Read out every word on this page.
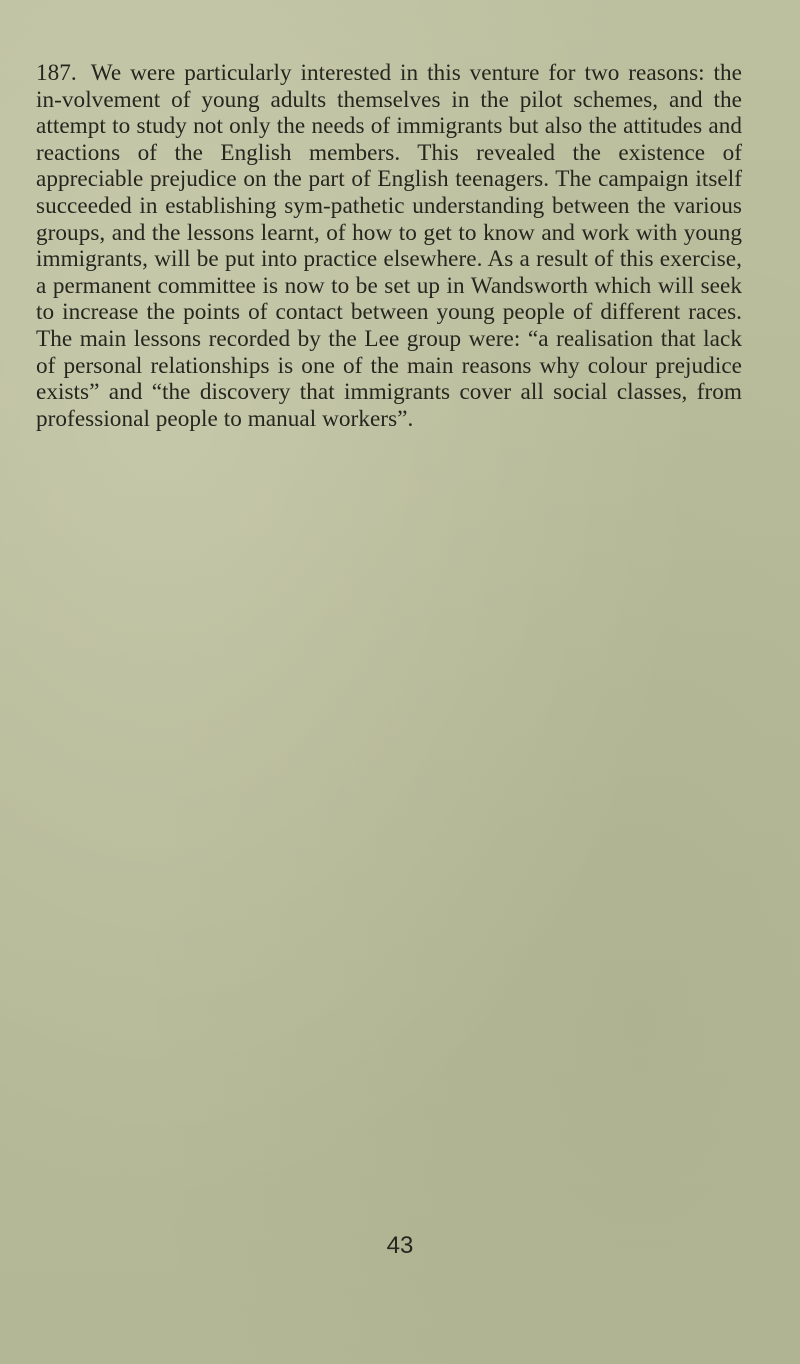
187. We were particularly interested in this venture for two reasons: the in-volvement of young adults themselves in the pilot schemes, and the attempt to study not only the needs of immigrants but also the attitudes and reactions of the English members. This revealed the existence of appreciable prejudice on the part of English teenagers. The campaign itself succeeded in establishing sym-pathetic understanding between the various groups, and the lessons learnt, of how to get to know and work with young immigrants, will be put into practice elsewhere. As a result of this exercise, a permanent committee is now to be set up in Wandsworth which will seek to increase the points of contact between young people of different races. The main lessons recorded by the Lee group were: “a realisation that lack of personal relationships is one of the main reasons why colour prejudice exists” and “the discovery that immigrants cover all social classes, from professional people to manual workers”.

43
